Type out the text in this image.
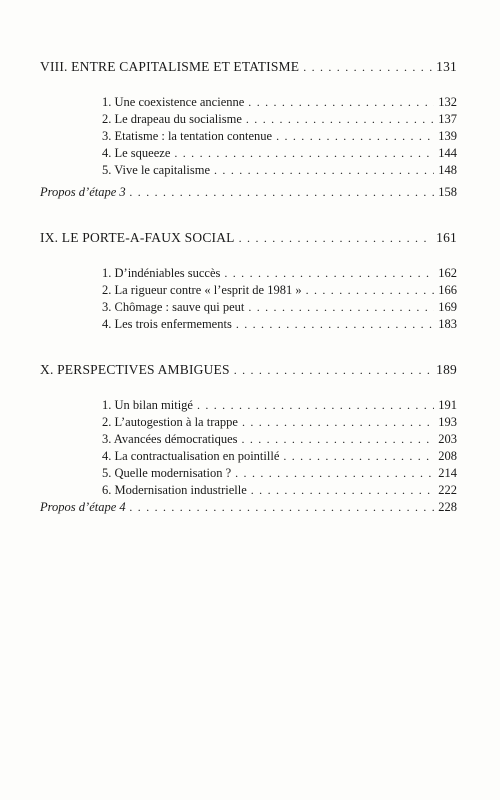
VIII. ENTRE CAPITALISME ET ETATISME . . .	131
1. Une coexistence ancienne . . .	132
2. Le drapeau du socialisme . . .	137
3. Etatisme : la tentation contenue . . .	139
4. Le squeeze . . .	144
5. Vive le capitalisme . . .	148
Propos d’étape 3 . . .	158
IX. LE PORTE-A-FAUX SOCIAL . . .	161
1. D’indéniables succès . . .	162
2. La rigueur contre « l’esprit de 1981 » . . .	166
3. Chômage : sauve qui peut . . .	169
4. Les trois enfermements . . .	183
X. PERSPECTIVES AMBIGUES . . .	189
1. Un bilan mitigé . . .	191
2. L’autogestion à la trappe . . .	193
3. Avancées démocratiques . . .	203
4. La contractualisation en pointillé . . .	208
5. Quelle modernisation ? . . .	214
6. Modernisation industrielle . . .	222
Propos d’étape 4 . . .	228
